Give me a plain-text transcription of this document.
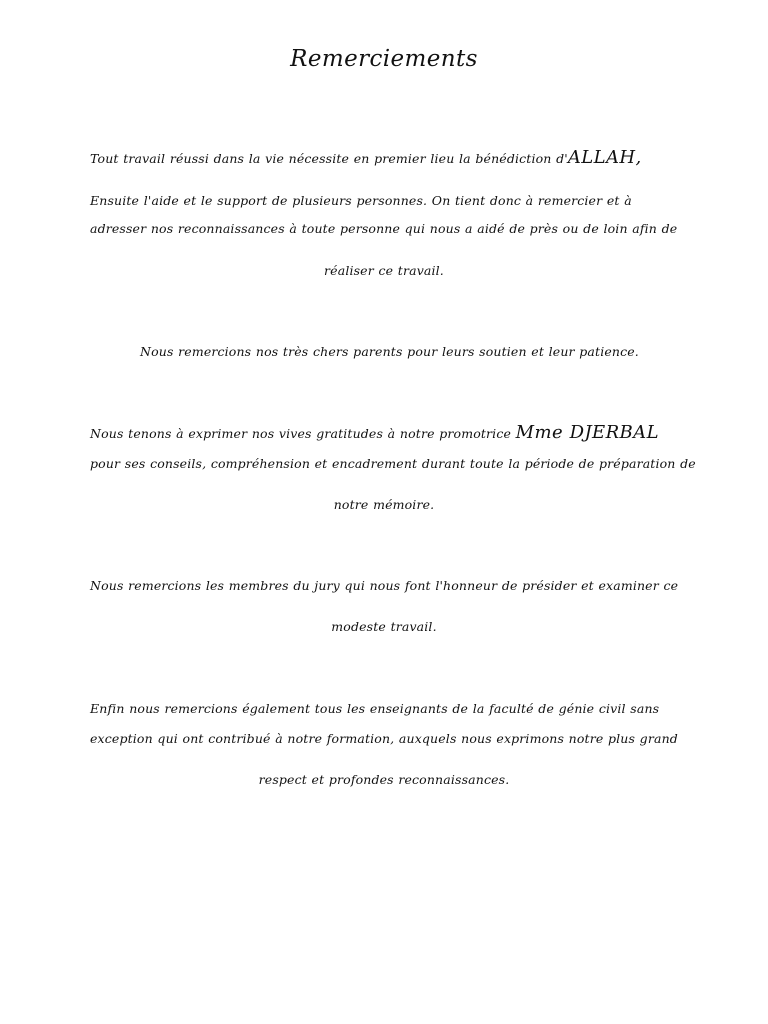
Remerciements
Tout travail réussi dans la vie nécessite en premier lieu la bénédiction d'ALLAH,
Ensuite l'aide et le support de plusieurs personnes. On tient donc à remercier et à
adresser nos reconnaissances à toute personne qui nous a aidé de près ou de loin afin de
réaliser ce travail.
Nous remercions nos très chers parents pour leurs soutien et leur patience.
Nous tenons à exprimer nos vives gratitudes à notre promotrice Mme DJERBAL
pour ses conseils, compréhension et encadrement durant toute la période de préparation de
notre mémoire.
Nous remercions les membres du jury qui nous font l'honneur de présider et examiner ce
modeste travail.
Enfin nous remercions également tous les enseignants de la faculté de génie civil sans
exception qui ont contribué à notre formation, auxquels nous exprimons notre plus grand
respect et profondes reconnaissances.
